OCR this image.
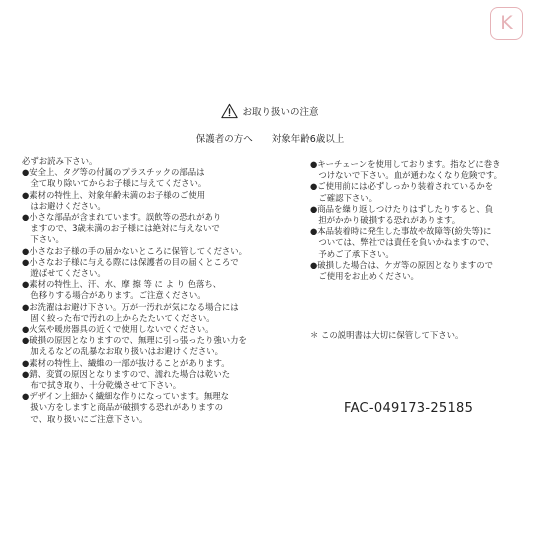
K
お取り扱いの注意
保護者の方へ　　対象年齢6歳以上
必ずお読み下さい。
●安全上、タグ等の付属のプラスチックの部品は
　全て取り除いてからお子様に与えてください。
●素材の特性上、対象年齢未満のお子様のご使用
　はお避けください。
●小さな部品が含まれています。誤飲等の恐れがあり
　ますので、3歳未満のお子様には絶対に与えないで
　下さい。
●小さなお子様の手の届かないところに保管してください。
●小さなお子様に与える際には保護者の目の届くところで
　遊ばせてください。
●素材の特性上、汗、水、摩 擦 等 に よ り 色落ち、
　色移りする場合があります。ご注意ください。
●お洗濯はお避け下さい。万が一汚れが気になる場合には
　固く絞った布で汚れの上からたたいてください。
●火気や暖房器具の近くで使用しないでください。
●破損の原因となりますので、無理に引っ張ったり強い力を
　加えるなどの乱暴なお取り扱いはお避けください。
●素材の特性上、繊維の一部が抜けることがあります。
●錆、変質の原因となりますので、濡れた場合は乾いた
　布で拭き取り、十分乾燥させて下さい。
●デザイン上細かく繊細な作りになっています。無理な
　扱い方をしますと商品が破損する恐れがありますの
　で、取り扱いにご注意下さい。
●キーチェーンを使用しております。指などに巻き
　つけないで下さい。血が通わなくなり危険です。
●ご使用前には必ずしっかり装着されているかを
　ご確認下さい。
●商品を繰り返しつけたりはずしたりすると、負
　担がかかり破損する恐れがあります。
●本品装着時に発生した事故や故障等(紛失等)に
　ついては、弊社では責任を負いかねますので、
　予めご了承下さい。
●破損した場合は、ケガ等の原因となりますので
　ご使用をお止めください。
＊ この説明書は大切に保管して下さい。
FAC-049173-25185
